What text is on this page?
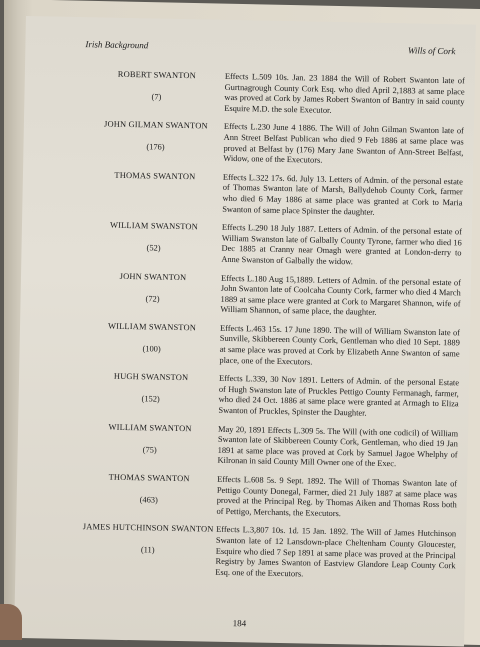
Irish Background
Wills of Cork
ROBERT SWANTON
(7)
Effects L.509 10s. Jan. 23 1884 the Will of Robert Swanton late of Gurtnagrough County Cork Esq. who died April 2,1883 at same place was proved at Cork by James Robert Swanton of Bantry in said county Esquire M.D. the sole Executor.
JOHN GILMAN SWANTON
(176)
Effects L.230 June 4 1886. The Will of John Gilman Swanton late of Ann Street Belfast Publican who died 9 Feb 1886 at same place was proved at Belfast by (176) Mary Jane Swanton of Ann-Street Belfast, Widow, one of the Executors.
THOMAS SWANTON	Effects L.322 17s. 6d. July 13. Letters of Admin. of the personal estate of Thomas Swanton late of Marsh, Ballydehob County Cork, farmer who died 6 May 1886 at same place was granted at Cork to Maria Swanton of same place Spinster the daughter.
WILLIAM SWANSTON
(52)
Effects L.290 18 July 1887. Letters of Admin. of the personal estate of William Swanston late of Galbally County Tyrone, farmer who died 16 Dec 1885 at Cranny near Omagh were granted at London-derry to Anne Swanston of Galbally the widow.
JOHN SWANTON
(72)
Effects L.180 Aug 15,1889. Letters of Admin. of the personal estate of John Swanton late of Coolcaha County Cork, farmer who died 4 March 1889 at same place were granted at Cork to Margaret Shannon, wife of William Shannon, of same place, the daughter.
WILLIAM SWANSTON
(100)
Effects L.463 15s. 17 June 1890. The will of William Swanston late of Sunville, Skibbereen County Cork, Gentleman who died 10 Sept. 1889 at same place was proved at Cork by Elizabeth Anne Swanton of same place, one of the Executors.
HUGH SWANSTON
(152)
Effects L.339, 30 Nov 1891. Letters of Admin. of the personal Estate of Hugh Swanston late of Pruckles Pettigo County Fermanagh, farmer, who died 24 Oct. 1886 at same place were granted at Armagh to Eliza Swanton of Pruckles, Spinster the Daughter.
WILLIAM SWANTON
(75)
May 20, 1891 Effects L.309 5s. The Will (with one codicil) of William Swanton late of Skibbereen County Cork, Gentleman, who died 19 Jan 1891 at same place was proved at Cork by Samuel Jagoe Whelphy of Kilronan in said County Mill Owner one of the Exec.
THOMAS SWANTON
(463)
Effects L.608 5s. 9 Sept. 1892. The Will of Thomas Swanton late of Pettigo County Donegal, Farmer, died 21 July 1887 at same place was proved at the Principal Reg. by Thomas Aiken and Thomas Ross both of Pettigo, Merchants, the Executors.
JAMES HUTCHINSON SWANTON
(11)
Effects L.3,807 10s. 1d. 15 Jan. 1892. The Will of James Hutchinson Swanton late of 12 Lansdown-place Cheltenham County Gloucester, Esquire who died 7 Sep 1891 at same place was proved at the Principal Registry by James Swanton of Eastview Glandore Leap County Cork Esq. one of the Executors.
184
